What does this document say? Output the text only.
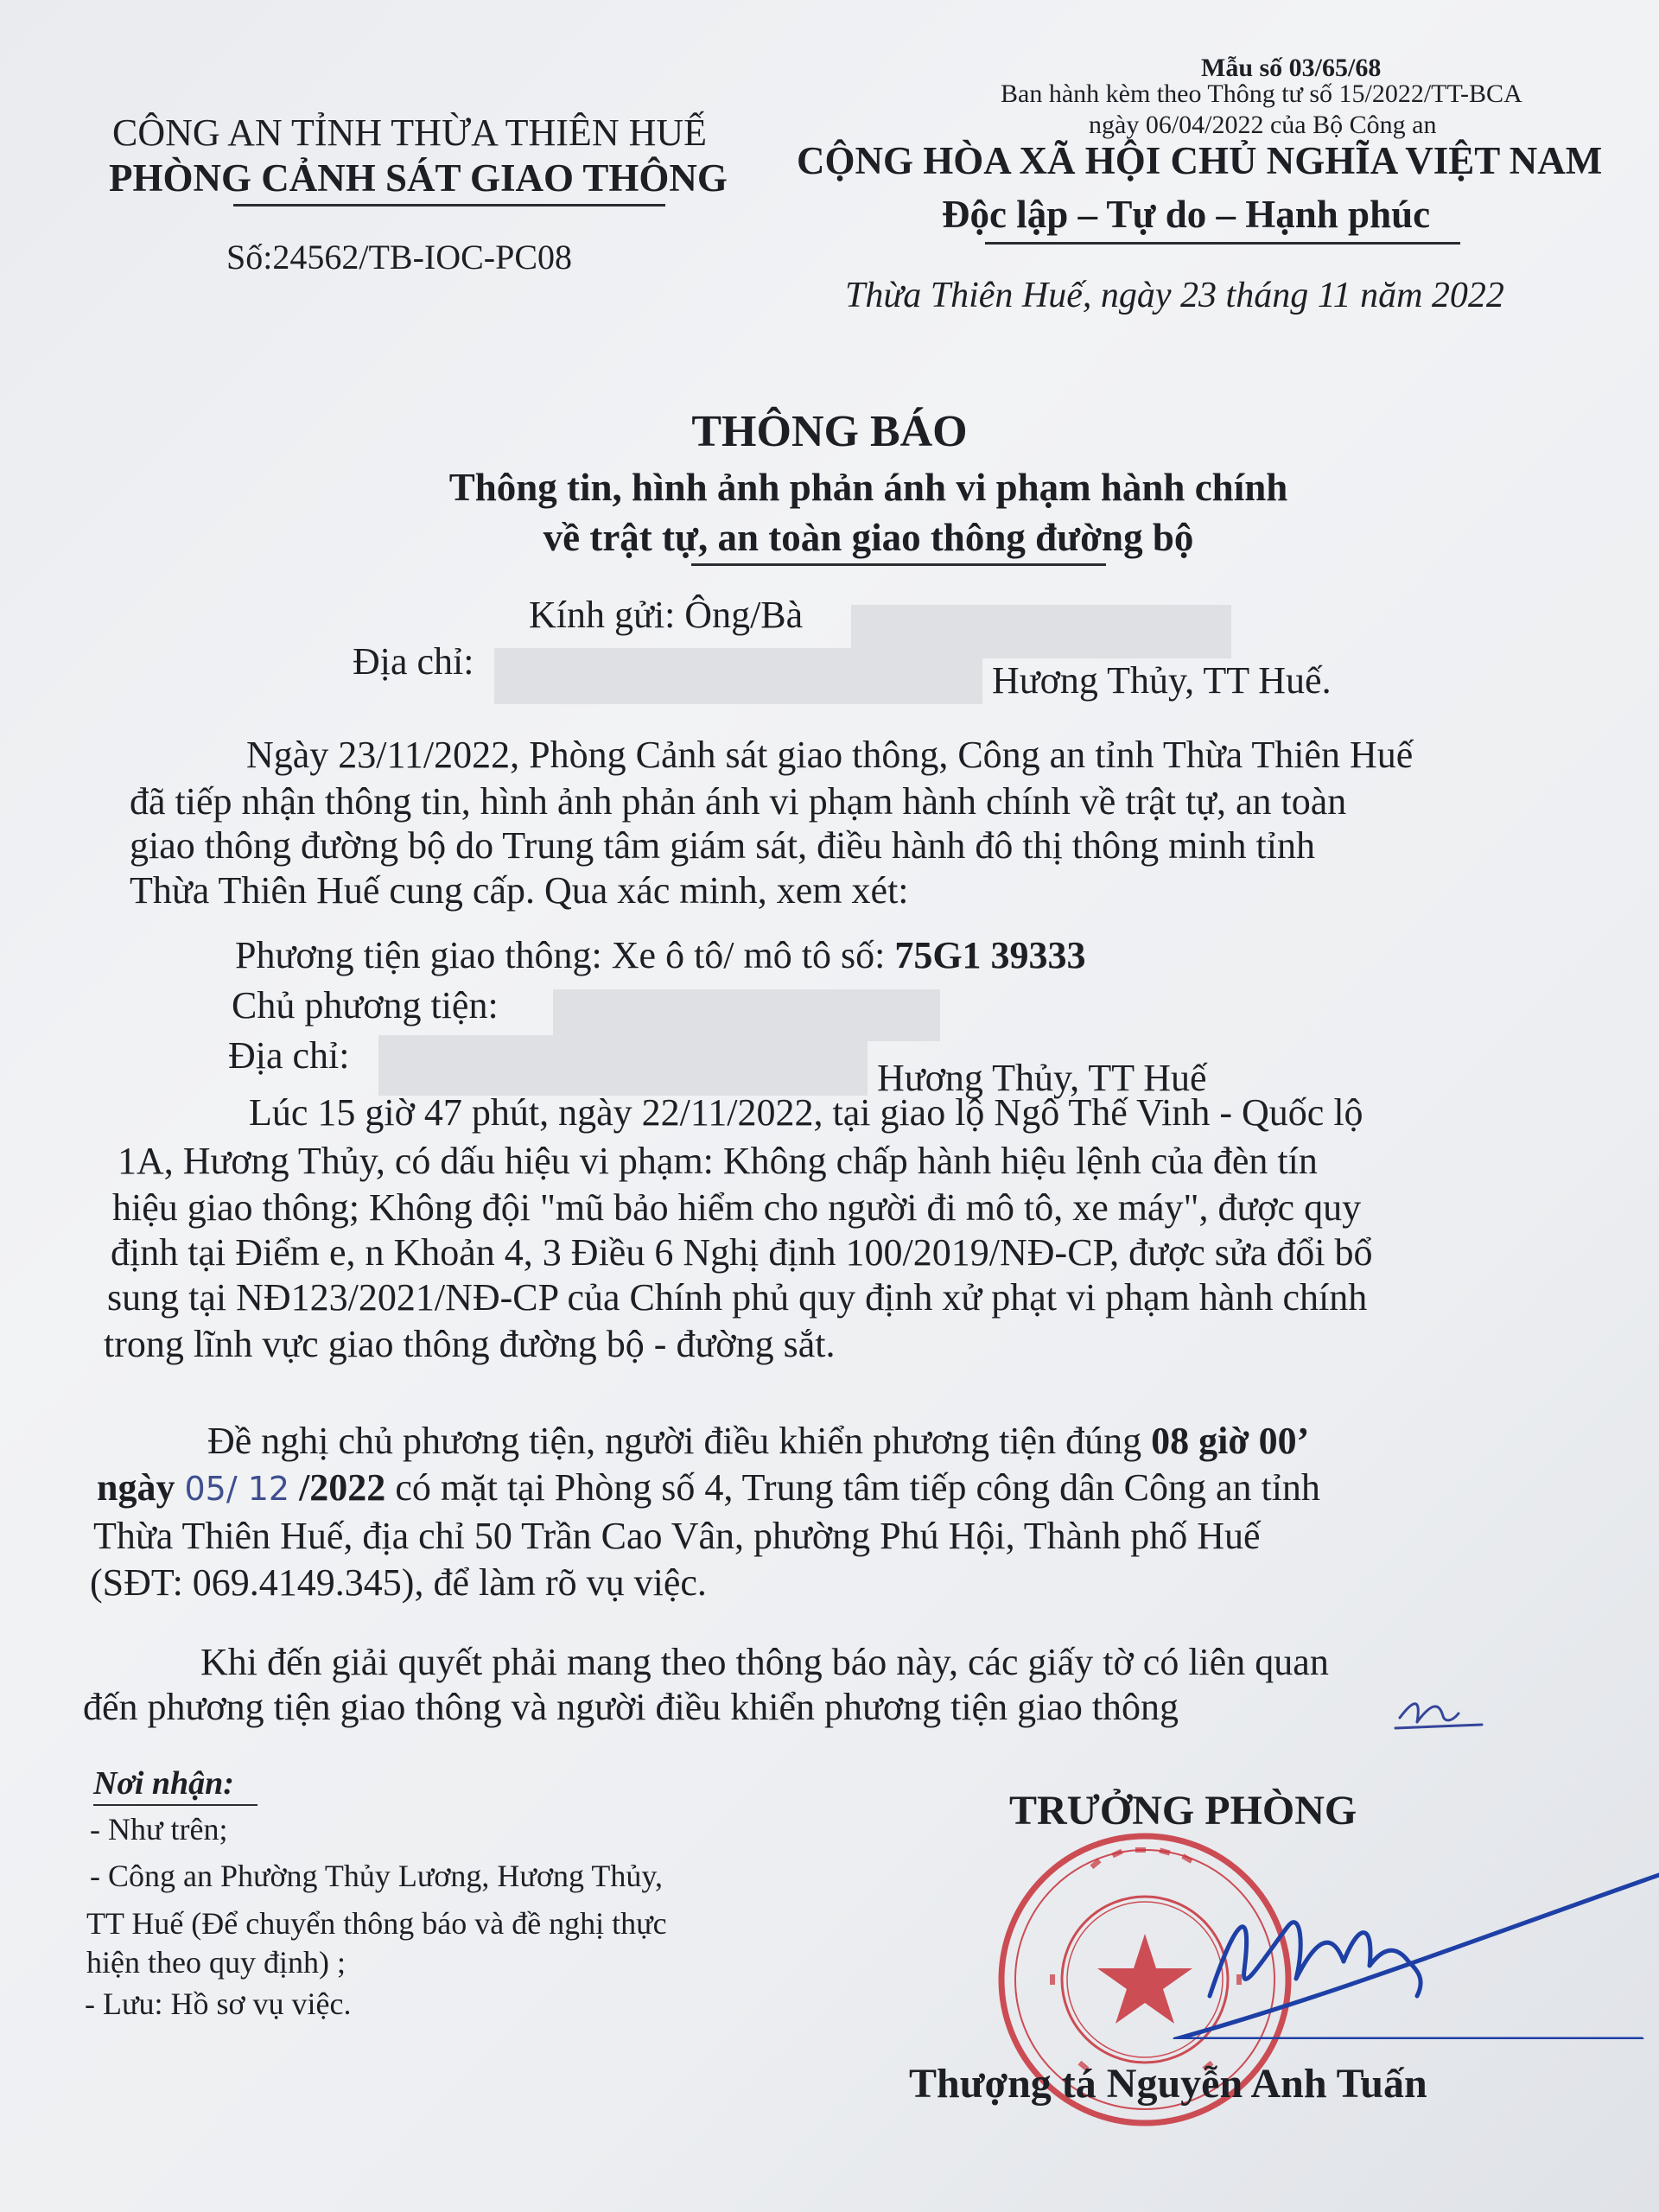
CÔNG AN TỈNH THỪA THIÊN HUẾ
PHÒNG CẢNH SÁT GIAO THÔNG
Số:24562/TB-IOC-PC08
Mẫu số 03/65/68
Ban hành kèm theo Thông tư số 15/2022/TT-BCA
ngày 06/04/2022 của Bộ Công an
CỘNG HÒA XÃ HỘI CHỦ NGHĨA VIỆT NAM
Độc lập – Tự do – Hạnh phúc
Thừa Thiên Huế, ngày 23 tháng 11 năm 2022
THÔNG BÁO
Thông tin, hình ảnh phản ánh vi phạm hành chính
về trật tự, an toàn giao thông đường bộ
Kính gửi: Ông/Bà
Địa chỉ:	Hương Thủy, TT Huế.
Ngày 23/11/2022, Phòng Cảnh sát giao thông, Công an tỉnh Thừa Thiên Huế
đã tiếp nhận thông tin, hình ảnh phản ánh vi phạm hành chính về trật tự, an toàn
giao thông đường bộ do Trung tâm giám sát, điều hành đô thị thông minh tỉnh
Thừa Thiên Huế cung cấp. Qua xác minh, xem xét:
Phương tiện giao thông: Xe ô tô/ mô tô số: 75G1 39333
Chủ phương tiện:
Địa chỉ:
Hương Thủy, TT Huế
Lúc 15 giờ 47 phút, ngày 22/11/2022, tại giao lộ Ngô Thế Vinh - Quốc lộ
1A, Hương Thủy, có dấu hiệu vi phạm: Không chấp hành hiệu lệnh của đèn tín
hiệu giao thông; Không đội "mũ bảo hiểm cho người đi mô tô, xe máy", được quy
định tại Điểm e, n Khoản 4, 3 Điều 6 Nghị định 100/2019/NĐ-CP, được sửa đổi bổ
sung tại NĐ123/2021/NĐ-CP của Chính phủ quy định xử phạt vi phạm hành chính
trong lĩnh vực giao thông đường bộ - đường sắt.
Đề nghị chủ phương tiện, người điều khiển phương tiện đúng 08 giờ 00’
ngày 05/ 12 /2022 có mặt tại Phòng số 4, Trung tâm tiếp công dân Công an tỉnh
Thừa Thiên Huế, địa chỉ 50 Trần Cao Vân, phường Phú Hội, Thành phố Huế
(SĐT: 069.4149.345), để làm rõ vụ việc.
Khi đến giải quyết phải mang theo thông báo này, các giấy tờ có liên quan
đến phương tiện giao thông và người điều khiển phương tiện giao thông
Nơi nhận:
- Như trên;
- Công an Phường Thủy Lương, Hương Thủy,
TT Huế (Để chuyển thông báo và đề nghị thực
hiện theo quy định) ;
- Lưu: Hồ sơ vụ việc.
TRƯỞNG PHÒNG
Thượng tá Nguyễn Anh Tuấn
